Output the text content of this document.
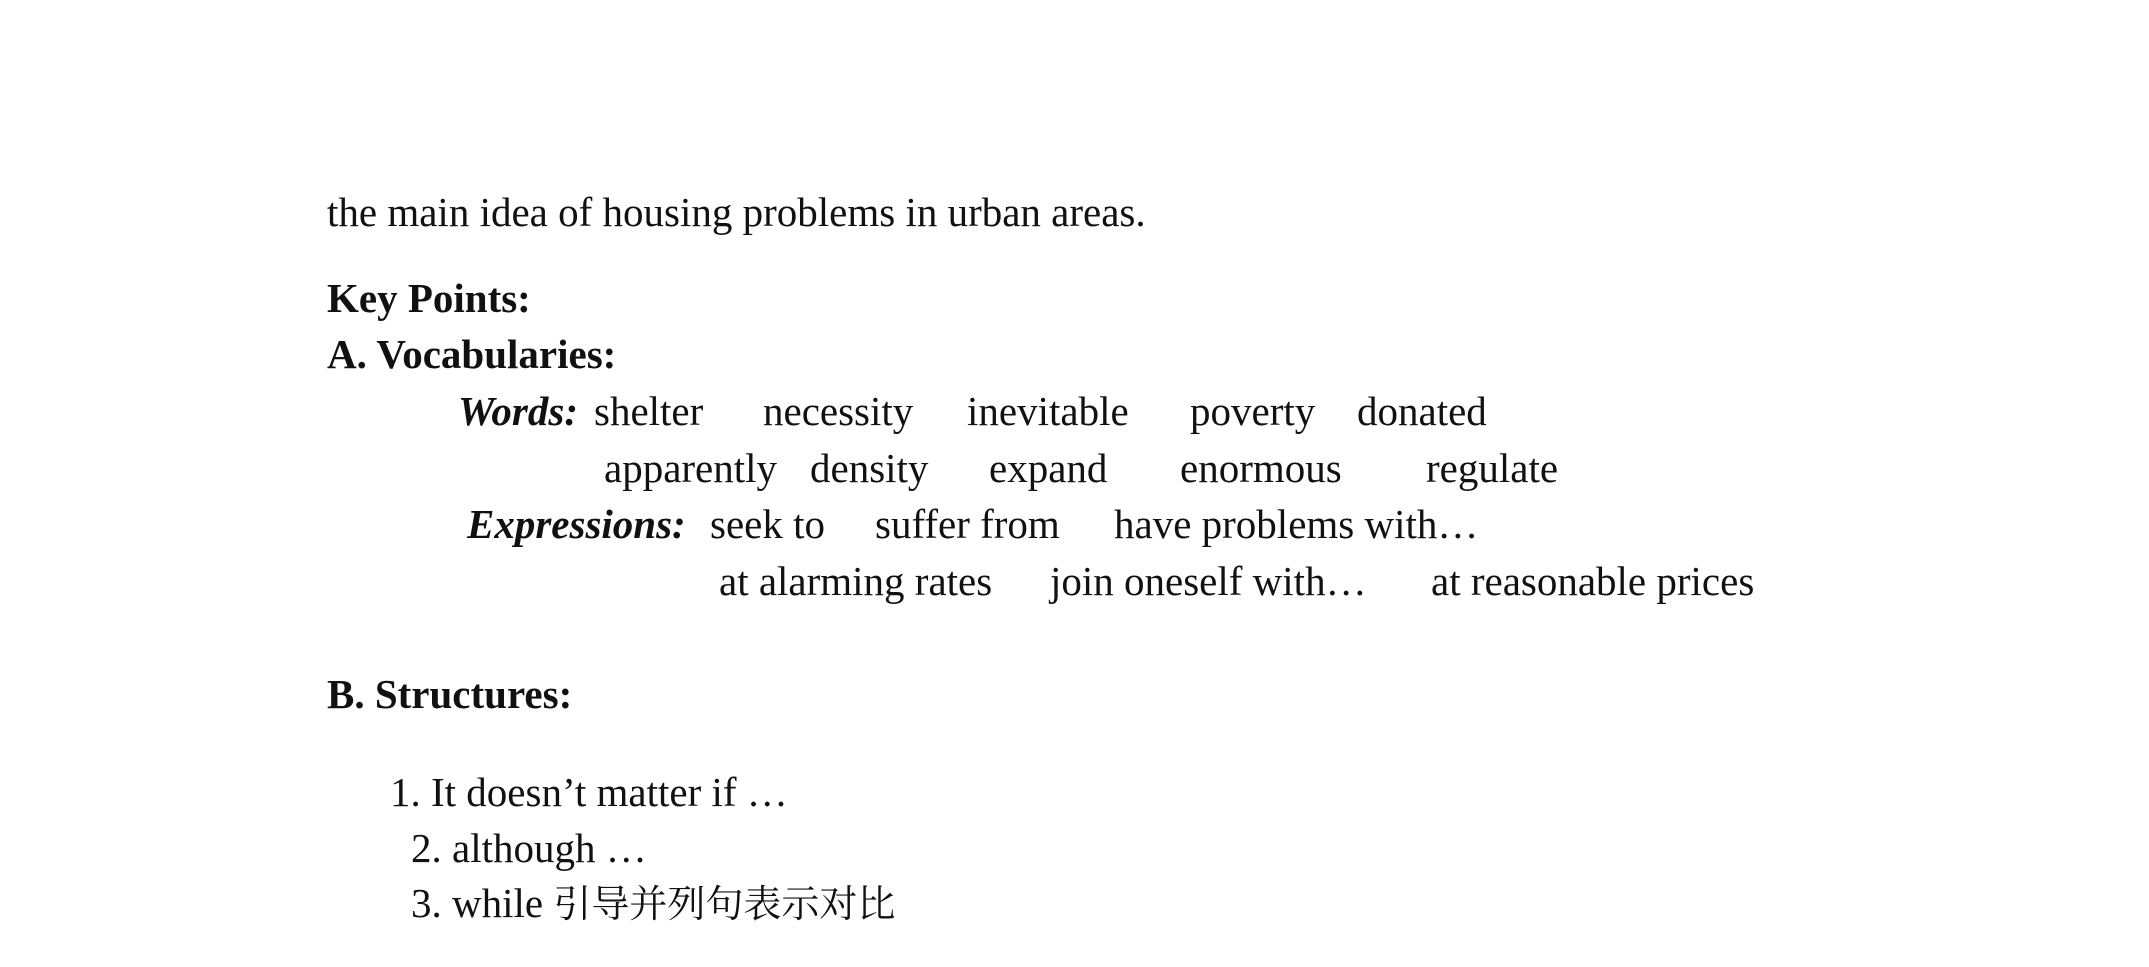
the main idea of housing problems in urban areas.
Key Points:
A. Vocabularies:
Words: shelter necessity inevitable poverty donated
apparently density expand enormous regulate
Expressions: seek to suffer from have problems with…
at alarming rates join oneself with… at reasonable prices
B. Structures:

1. It doesn’t matter if …

2. although …

3. while 引导并列句表示对比
